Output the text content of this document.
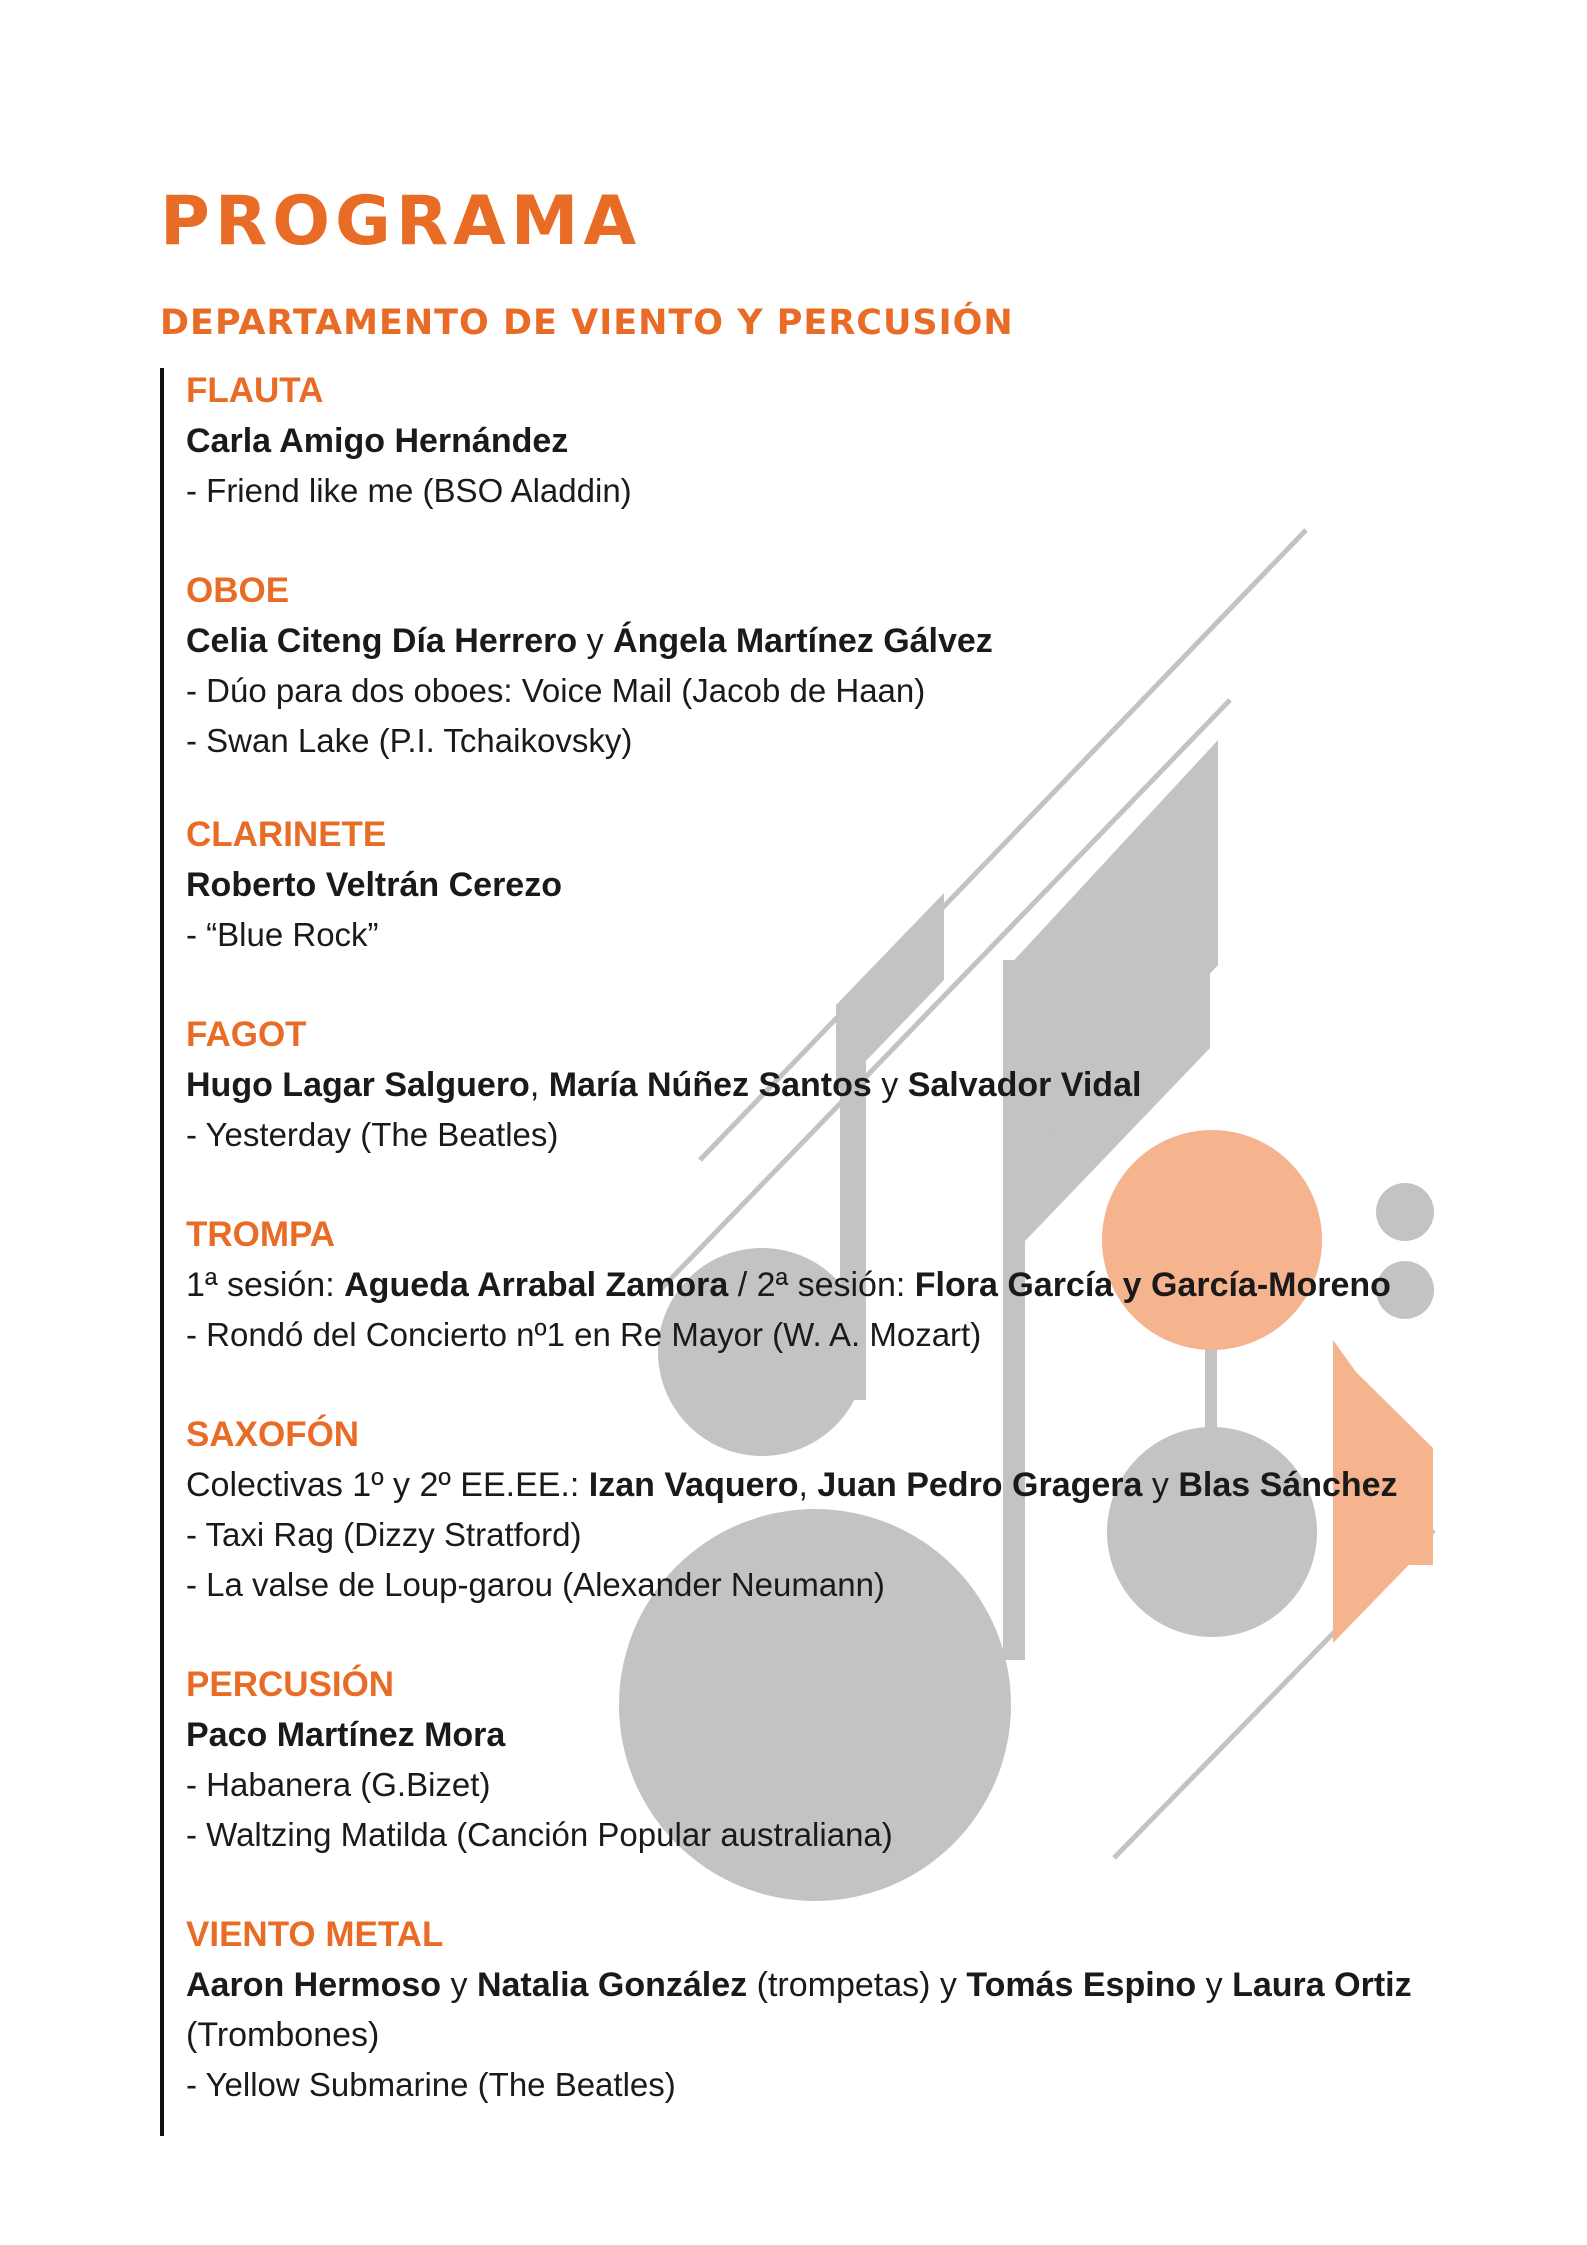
PROGRAMA
DEPARTAMENTO DE VIENTO Y PERCUSIÓN

FLAUTA

Carla Amigo Hernández

- Friend like me (BSO Aladdin)

OBOE

Celia Citeng Día Herrero y Ángela Martínez Gálvez

- Dúo para dos oboes: Voice Mail (Jacob de Haan)

- Swan Lake (P.I. Tchaikovsky)

CLARINETE

Roberto Veltrán Cerezo

- “Blue Rock”

FAGOT

Hugo Lagar Salguero, María Núñez Santos y Salvador Vidal

- Yesterday (The Beatles)

TROMPA

1ª sesión: Agueda Arrabal Zamora / 2ª sesión: Flora García y García-Moreno

- Rondó del Concierto nº1 en Re Mayor (W. A. Mozart)

SAXOFÓN

Colectivas 1º y 2º EE.EE.: Izan Vaquero, Juan Pedro Gragera y Blas Sánchez

- Taxi Rag (Dizzy Stratford)

- La valse de Loup-garou (Alexander Neumann)

PERCUSIÓN

Paco Martínez Mora

- Habanera (G.Bizet)

- Waltzing Matilda (Canción Popular australiana)

VIENTO METAL

Aaron Hermoso y Natalia González (trompetas) y Tomás Espino y Laura Ortiz

(Trombones)

- Yellow Submarine (The Beatles)
